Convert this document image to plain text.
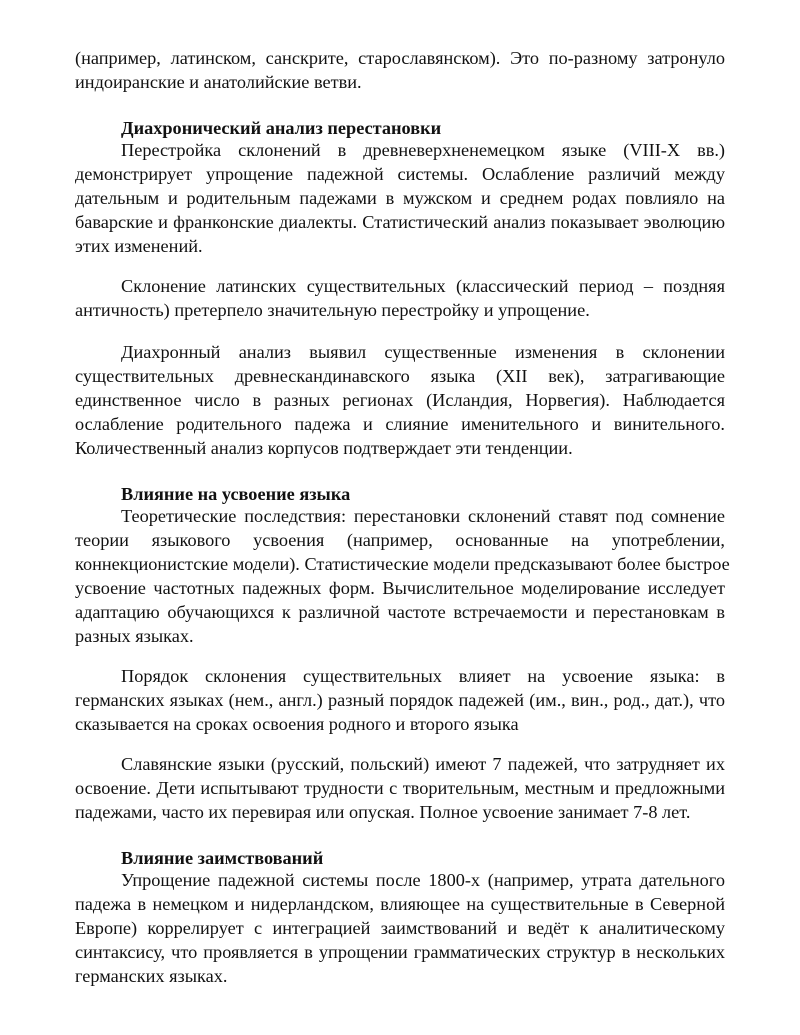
(например, латинском, санскрите, старославянском). Это по-разному затронуло
индоиранские и анатолийские ветви.
Диахронический анализ перестановки
Перестройка склонений в древневерхненемецком языке (VIII-X вв.)
демонстрирует упрощение падежной системы. Ослабление различий между
дательным и родительным падежами в мужском и среднем родах повлияло на
баварские и франконские диалекты. Статистический анализ показывает эволюцию
этих изменений.
Склонение латинских существительных (классический период – поздняя
античность) претерпело значительную перестройку и упрощение.
Диахронный анализ выявил существенные изменения в склонении
существительных древнескандинавского языка (XII век), затрагивающие
единственное число в разных регионах (Исландия, Норвегия). Наблюдается
ослабление родительного падежа и слияние именительного и винительного.
Количественный анализ корпусов подтверждает эти тенденции.
Влияние на усвоение языка
Теоретические последствия: перестановки склонений ставят под сомнение
теории языкового усвоения (например, основанные на употреблении,
коннекционистские модели). Статистические модели предсказывают более быстрое
усвоение частотных падежных форм. Вычислительное моделирование исследует
адаптацию обучающихся к различной частоте встречаемости и перестановкам в
разных языках.
Порядок склонения существительных влияет на усвоение языка: в
германских языках (нем., англ.) разный порядок падежей (им., вин., род., дат.), что
сказывается на сроках освоения родного и второго языка
Славянские языки (русский, польский) имеют 7 падежей, что затрудняет их
освоение. Дети испытывают трудности с творительным, местным и предложными
падежами, часто их перевирая или опуская. Полное усвоение занимает 7-8 лет.
Влияние заимствований
Упрощение падежной системы после 1800-х (например, утрата дательного
падежа в немецком и нидерландском, влияющее на существительные в Северной
Европе) коррелирует с интеграцией заимствований и ведёт к аналитическому
синтаксису, что проявляется в упрощении грамматических структур в нескольких
германских языках.
